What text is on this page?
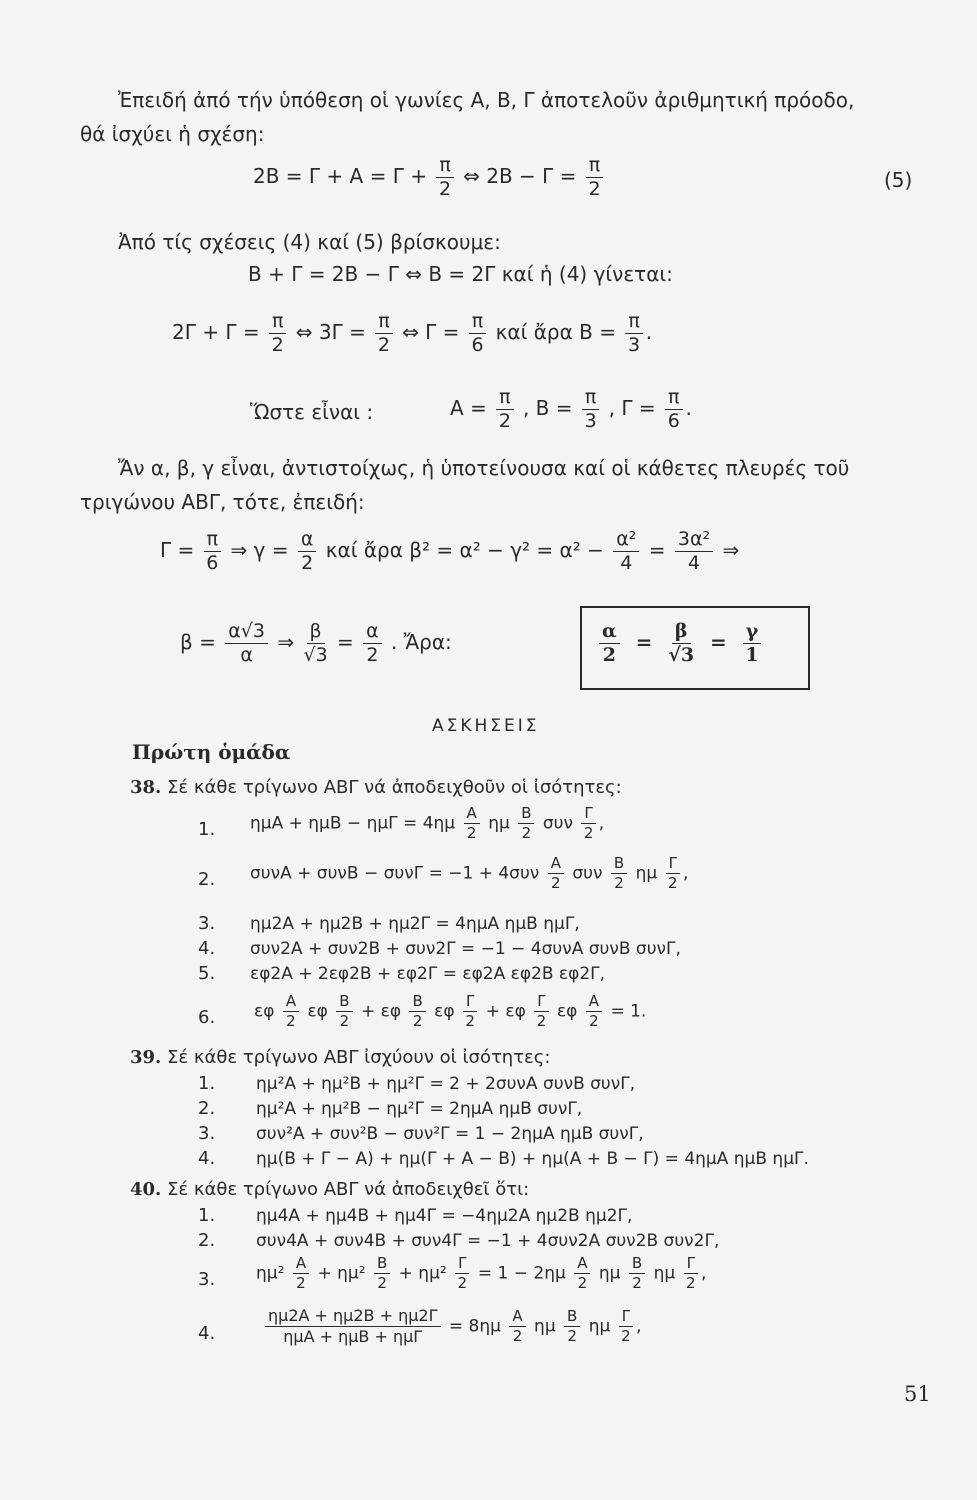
Ἐπειδή ἀπό τήν ὑπόθεση οἱ γωνίες Α, Β, Γ ἀποτελοῦν ἀριθμητική πρόοδο,
θά ἰσχύει ἡ σχέση:
$2B = \Gamma + A = \Gamma + \frac{\pi}{2}$ ⇔ $2B - \Gamma = \frac{\pi}{2}$	(5)
Ἀπό τίς σχέσεις (4) καί (5) βρίσκουμε:
Β + Γ = 2Β − Γ ⇔ Β = 2Γ καί ἡ (4) γίνεται:
$2\Gamma + \Gamma = \frac{\pi}{2}$ ⇔ $3\Gamma = \frac{\pi}{2}$ ⇔ $\Gamma = \frac{\pi}{6}$ καί ἄρα $B = \frac{\pi}{3}$ .
Ὥστε εἶναι :	$A = \frac{\pi}{2}$ , $B = \frac{\pi}{3}$ , $\Gamma = \frac{\pi}{6}$ .
Ἄν α, β, γ εἶναι, ἀντιστοίχως, ἡ ὑποτείνουσα καί οἱ κάθετες πλευρές τοῦ
τριγώνου ΑΒΓ, τότε, ἐπειδή:
$\Gamma = \frac{\pi}{6}$ ⇒ $\gamma = \frac{\alpha}{2}$ καί ἄρα $\beta^2 = \alpha^2 - \gamma^2 = \alpha^2 - \frac{\text{α²}}{4} = \frac{\text{3α²}}{4}$ ⇒
$\beta = \frac{\alpha√3}{\alpha}$ ⇒ $\frac{\beta}{√3} = \frac{\alpha}{2}$ . Ἄρα:	$\frac{\alpha}{2} = \frac{\beta}{√3} = \frac{\gamma}{1}$
ΑΣΚΗΣΕΙΣ
Πρώτη ὁμάδα
38. Σέ κάθε τρίγωνο ΑΒΓ νά ἀποδειχθοῦν οἱ ἰσότητες:
1. $\eta\mu A + \eta\mu B - \eta\mu\Gamma = 4\eta\mu \frac{A}{2}$ ημ $\frac{B}{2}$ συν $\frac{\Gamma}{2}$ ,
2. $\sigma\upsilon\nu A + \sigma\upsilon\nu B - \sigma\upsilon\nu\Gamma = -1 + 4\sigma\upsilon\nu \frac{A}{2}$ συν $\frac{B}{2}$ ημ $\frac{\Gamma}{2}$ ,
3. ημ2Α + ημ2Β + ημ2Γ = 4ημΑ ημΒ ημΓ,
4. συν2Α + συν2Β + συν2Γ = −1 − 4συνΑ συνΒ συνΓ,
5. εφ2Α + 2εφ2Β + εφ2Γ = εφ2Α εφ2Β εφ2Γ,
6. εφ $\frac{A}{2}$ εφ $\frac{B}{2} + \varepsilon\varphi \frac{B}{2}$ εφ $\frac{\Gamma}{2} + \varepsilon\varphi \frac{\Gamma}{2}$ εφ $\frac{A}{2} = 1$.
39. Σέ κάθε τρίγωνο ΑΒΓ ἰσχύουν οἱ ἰσότητες:
1. ημ²Α + ημ²Β + ημ²Γ = 2 + 2συνΑ συνΒ συνΓ,
2. ημ²Α + ημ²Β − ημ²Γ = 2ημΑ ημΒ συνΓ,
3. συν²Α + συν²Β − συν²Γ = 1 − 2ημΑ ημΒ συνΓ,
4. ημ(Β + Γ − Α) + ημ(Γ + Α − Β) + ημ(Α + Β − Γ) = 4ημΑ ημΒ ημΓ.
40. Σέ κάθε τρίγωνο ΑΒΓ νά ἀποδειχθεῖ ὅτι:
1. ημ4Α + ημ4Β + ημ4Γ = −4ημ2Α ημ2Β ημ2Γ,
2. συν4Α + συν4Β + συν4Γ = −1 + 4συν2Α συν2Β συν2Γ,
3. $\eta\mu^2 \frac{A}{2} + \eta\mu^2 \frac{B}{2} + \eta\mu^2 \frac{\Gamma}{2} = 1 - 2\eta\mu \frac{A}{2}$ ημ $\frac{B}{2}$ ημ $\frac{\Gamma}{2}$ ,
4.	$\frac{\eta\mu 2A + \eta\mu 2B + \eta\mu 2\Gamma}{\text{ημΑ + ημΒ + ημΓ}} = 8\eta\mu \frac{A}{2}$ ημ $\frac{B}{2}$ ημ $\frac{\Gamma}{2}$ ,
51
